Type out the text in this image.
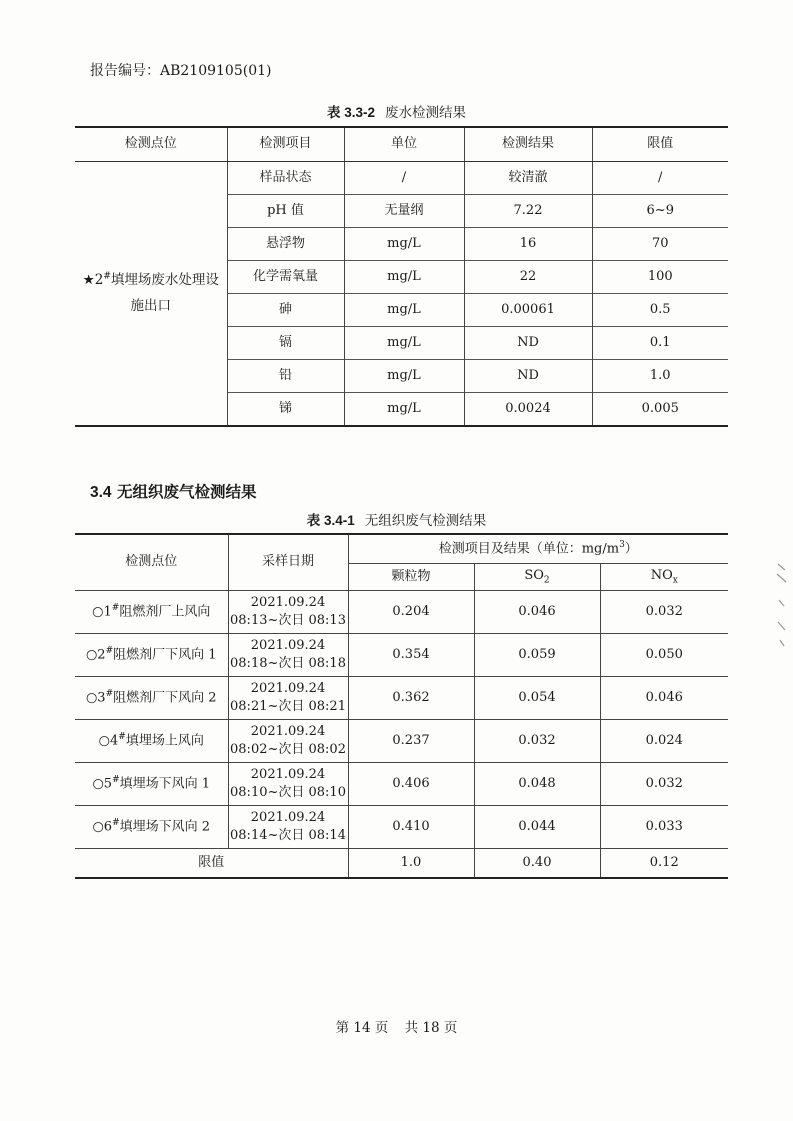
报告编号：AB2109105(01)
表 3.3-2 废水检测结果
检测点位	检测项目	单位	检测结果	限值
★2#填埋场废水处理设
施出口	样品状态	/	较清澈	/
	pH 值	无量纲	7.22	6~9
	悬浮物	mg/L	16	70
	化学需氧量	mg/L	22	100
	砷	mg/L	0.00061	0.5
	镉	mg/L	ND	0.1
	铅	mg/L	ND	1.0
	锑	mg/L	0.0024	0.005
3.4 无组织废气检测结果
表 3.4-1 无组织废气检测结果
检测点位	采样日期	检测项目及结果（单位：$mg/m^3$）		
		颗粒物	$SO_2$	$NO_x$
○1#阻燃剂厂上风向	2021.09.24
08:13~次日 08:13	0.204	0.046	0.032
○2#阻燃剂厂下风向 1	2021.09.24
08:18~次日 08:18	0.354	0.059	0.050
○3#阻燃剂厂下风向 2	2021.09.24
08:21~次日 08:21	0.362	0.054	0.046
○4#填埋场上风向	2021.09.24
08:02~次日 08:02	0.237	0.032	0.024
○5#填埋场下风向 1	2021.09.24
08:10~次日 08:10	0.406	0.048	0.032
○6#填埋场下风向 2	2021.09.24
08:14~次日 08:14	0.410	0.044	0.033
限值		1.0	0.40	0.12
第 14 页 共 18 页
